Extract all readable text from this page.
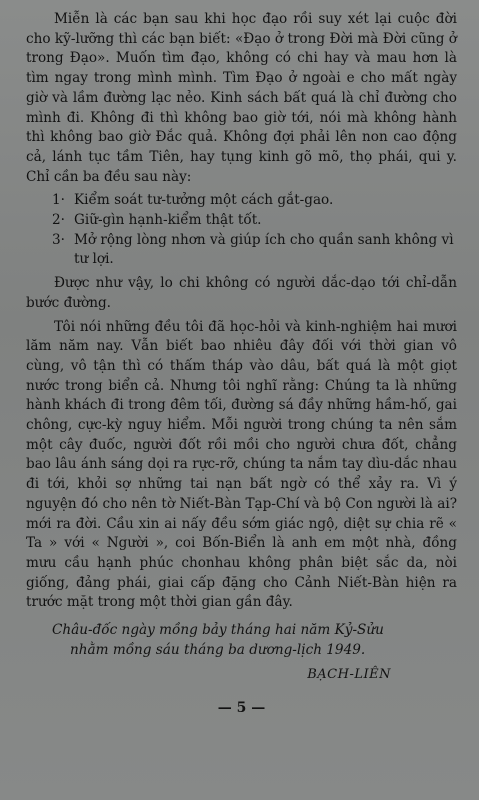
Miễn là các bạn sau khi học đạo rồi suy xét lại cuộc đời cho kỹ-lưỡng thì các bạn biết: «Đạo ở trong Đời mà Đời cũng ở trong Đạo». Muốn tìm đạo, không có chi hay và mau hơn là tìm ngay trong mình mình. Tìm Đạo ở ngoài e cho mất ngày giờ và lầm đường lạc nẻo. Kinh sách bất quá là chỉ đường cho mình đi. Không đi thì không bao giờ tới, nói mà không hành thì không bao giờ Đắc quả. Không đợi phải lên non cao động cả, lánh tục tầm Tiên, hay tụng kinh gõ mõ, thọ phái, qui y. Chỉ cần ba đều sau này:

1· Kiểm soát tư-tưởng một cách gắt-gao.
2· Giữ-gìn hạnh-kiểm thật tốt.
3· Mở rộng lòng nhơn và giúp ích cho quần sanh không vì tư lợi.

Được như vậy, lo chi không có người dắc-dạo tới chỉ-dẫn bước đường.

Tôi nói những đều tôi đã học-hỏi và kinh-nghiệm hai mươi lăm năm nay. Vẫn biết bao nhiêu đây đối với thời gian vô cùng, vô tận thì có thấm tháp vào dâu, bất quá là một giọt nước trong biển cả. Nhưng tôi nghĩ rằng: Chúng ta là những hành khách đi trong đêm tối, đường sá đầy những hầm-hố, gai chông, cực-kỳ nguy hiểm. Mỗi người trong chúng ta nên sắm một cây đuốc, người đốt rồi mồi cho người chưa đốt, chẳng bao lâu ánh sáng dọi ra rực-rỡ, chúng ta nắm tay dìu-dắc nhau đi tới, khỏi sợ những tai nạn bất ngờ có thể xảy ra. Vì ý nguyện đó cho nên tờ Niết-Bàn Tạp-Chí và bộ Con người là ai? mới ra đời. Cầu xin ai nấy đều sớm giác ngộ, diệt sự chia rẽ « Ta » với « Người », coi Bốn-Biển là anh em một nhà, đồng mưu cầu hạnh phúc chonhau không phân biệt sắc da, nòi giống, đảng phái, giai cấp đặng cho Cảnh Niết-Bàn hiện ra trước mặt trong một thời gian gần đây.

Châu-đốc ngày mồng bảy tháng hai năm Kỷ-Sửu
nhằm mồng sáu tháng ba dương-lịch 1949.
BẠCH-LIÊN
— 5 —
